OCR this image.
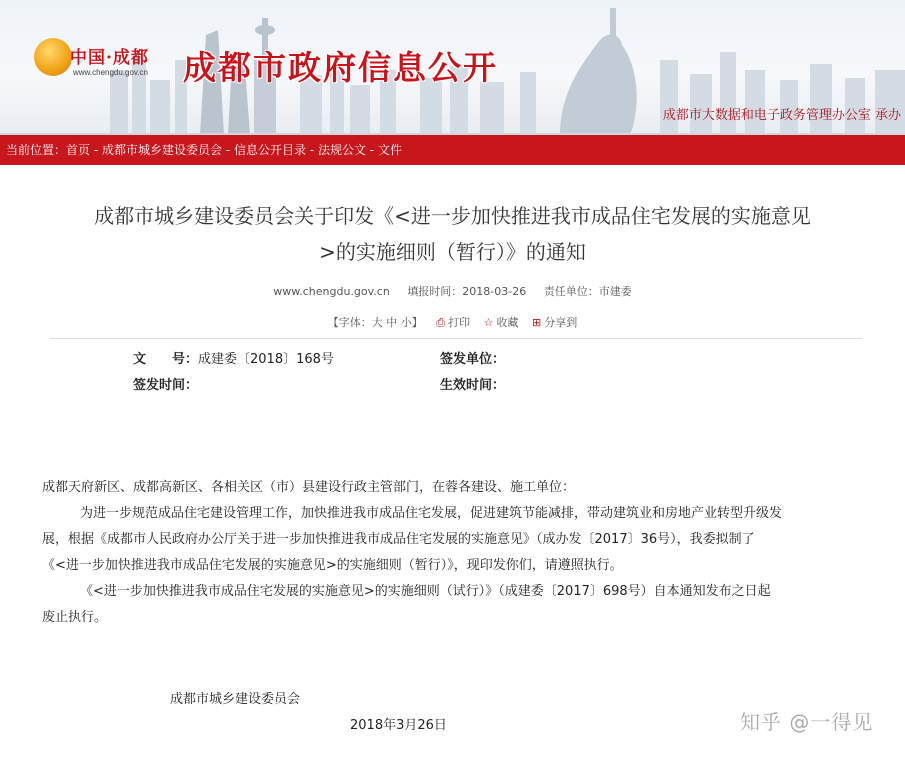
中国·成都
www.chengdu.gov.cn 成都市政府信息公开
成都市大数据和电子政务管理办公室 承办
当前位置：首页 - 成都市城乡建设委员会 - 信息公开目录 - 法规公文 - 文件
成都市城乡建设委员会关于印发《<进一步加快推进我市成品住宅发展的实施意见
>的实施细则（暂行）》的通知
www.chengdu.gov.cn 填报时间：2018-03-26 责任单位：市建委
【字体：大 中 小】 ⎙ 打印 ☆ 收藏 ⊞ 分享到
文　　号： 成建委〔2018〕168号	签发单位：
签发时间：	生效时间：
成都天府新区、成都高新区、各相关区（市）县建设行政主管部门，在蓉各建设、施工单位：
为进一步规范成品住宅建设管理工作，加快推进我市成品住宅发展，促进建筑节能减排，带动建筑业和房地产业转型升级发
展，根据《成都市人民政府办公厅关于进一步加快推进我市成品住宅发展的实施意见》（成办发〔2017〕36号），我委拟制了
《<进一步加快推进我市成品住宅发展的实施意见>的实施细则（暂行）》，现印发你们，请遵照执行。
《<进一步加快推进我市成品住宅发展的实施意见>的实施细则（试行）》（成建委〔2017〕698号）自本通知发布之日起
废止执行。
成都市城乡建设委员会
2018年3月26日	知乎 @一得见
